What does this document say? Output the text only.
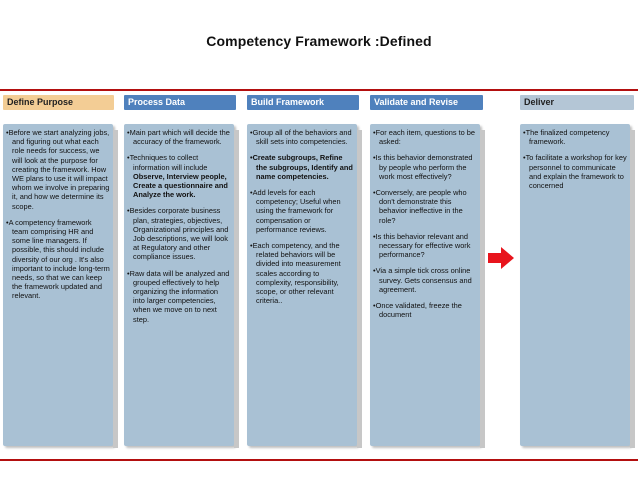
Competency Framework :Defined
Define Purpose

•Before we start analyzing jobs, and figuring out what each role needs for success, we will look at the purpose for creating the framework. How WE plans to use it will impact whom we involve in preparing it, and how we determine its scope.

•A competency framework team comprising HR and some line managers. If possible, this should include diversity of our org . It's also important to include long-term needs, so that we can keep the framework updated and relevant.

Process Data

•Main part which will decide the accuracy of the framework.

•Techniques to collect information will include Observe, Interview people, Create a questionnaire and Analyze the work.

•Besides corporate business plan, strategies, objectives, Organizational principles and Job descriptions, we will look at Regulatory and other compliance issues.

•Raw data will be analyzed and grouped effectively to help organizing the information into larger competencies, when we move on to next step.

Build Framework

•Group all of the behaviors and skill sets into competencies.

•Create subgroups, Refine the subgroups, Identify and name competencies.

•Add levels for each competency; Useful when using the framework for compensation or performance reviews.

•Each competency, and the related behaviors will be divided into measurement scales according to complexity, responsibility, scope, or other relevant criteria..

Validate and Revise

•For each item, questions to be asked:

•Is this behavior demonstrated by people who perform the work most effectively?

•Conversely, are people who don't demonstrate this behavior ineffective in the role?

•Is this behavior relevant and necessary for effective work performance?

•Via a simple tick cross online survey. Gets consensus and agreement.

•Once validated, freeze the document

Deliver

•The finalized competency framework.

•To facilitate a workshop for key personnel to communicate and explain the framework to concerned
